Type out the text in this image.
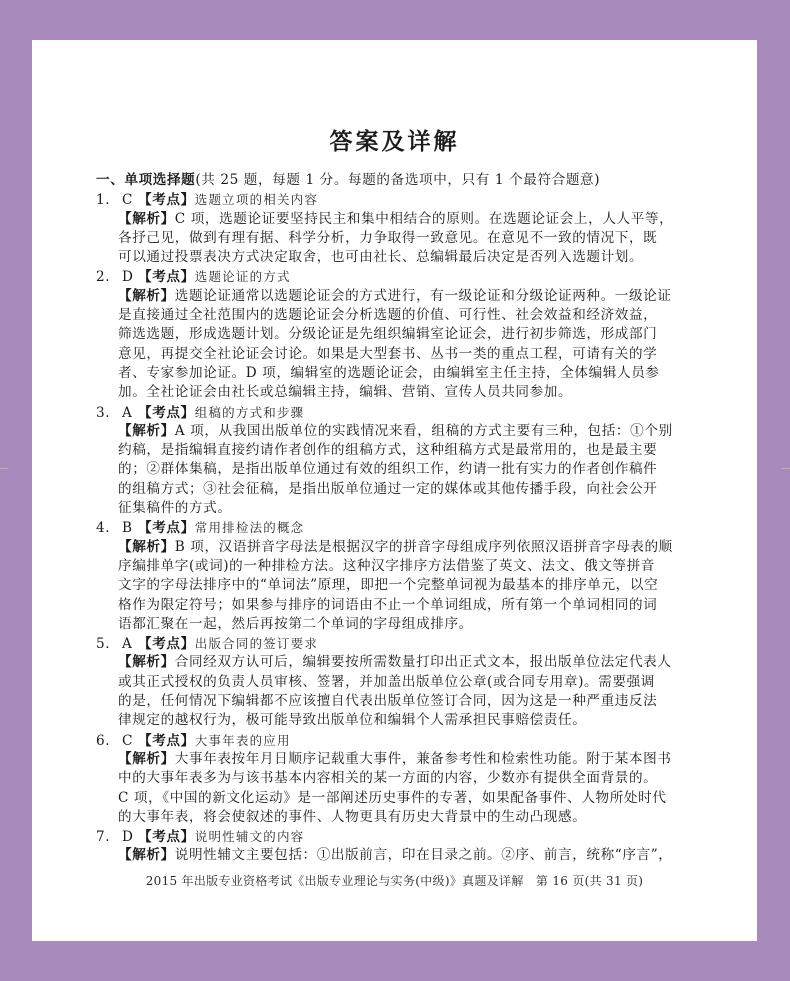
答案及详解
一、单项选择题(共 25 题，每题 1 分。每题的备选项中，只有 1 个最符合题意)
1. C 【考点】选题立项的相关内容
【解析】C 项，选题论证要坚持民主和集中相结合的原则。在选题论证会上，人人平等，
各抒己见，做到有理有据、科学分析，力争取得一致意见。在意见不一致的情况下，既
可以通过投票表决方式决定取舍，也可由社长、总编辑最后决定是否列入选题计划。
2. D 【考点】选题论证的方式
【解析】选题论证通常以选题论证会的方式进行，有一级论证和分级论证两种。一级论证
是直接通过全社范围内的选题论证会分析选题的价值、可行性、社会效益和经济效益，
筛选选题，形成选题计划。分级论证是先组织编辑室论证会，进行初步筛选，形成部门
意见，再提交全社论证会讨论。如果是大型套书、丛书一类的重点工程，可请有关的学
者、专家参加论证。D 项，编辑室的选题论证会，由编辑室主任主持，全体编辑人员参
加。全社论证会由社长或总编辑主持，编辑、营销、宣传人员共同参加。
3. A 【考点】组稿的方式和步骤
【解析】A 项，从我国出版单位的实践情况来看，组稿的方式主要有三种，包括：①个别
约稿，是指编辑直接约请作者创作的组稿方式，这种组稿方式是最常用的，也是最主要
的；②群体集稿，是指出版单位通过有效的组织工作，约请一批有实力的作者创作稿件
的组稿方式；③社会征稿，是指出版单位通过一定的媒体或其他传播手段，向社会公开
征集稿件的方式。
4. B 【考点】常用排检法的概念
【解析】B 项，汉语拼音字母法是根据汉字的拼音字母组成序列依照汉语拼音字母表的顺
序编排单字(或词)的一种排检方法。这种汉字排序方法借鉴了英文、法文、俄文等拼音
文字的字母法排序中的“单词法”原理，即把一个完整单词视为最基本的排序单元，以空
格作为限定符号；如果参与排序的词语由不止一个单词组成，所有第一个单词相同的词
语都汇聚在一起，然后再按第二个单词的字母组成排序。
5. A 【考点】出版合同的签订要求
【解析】合同经双方认可后，编辑要按所需数量打印出正式文本，报出版单位法定代表人
或其正式授权的负责人员审核、签署，并加盖出版单位公章(或合同专用章)。需要强调
的是，任何情况下编辑都不应该擅自代表出版单位签订合同，因为这是一种严重违反法
律规定的越权行为，极可能导致出版单位和编辑个人需承担民事赔偿责任。
6. C 【考点】大事年表的应用
【解析】大事年表按年月日顺序记载重大事件，兼备参考性和检索性功能。附于某本图书
中的大事年表多为与该书基本内容相关的某一方面的内容，少数亦有提供全面背景的。
C 项，《中国的新文化运动》是一部阐述历史事件的专著，如果配备事件、人物所处时代
的大事年表，将会使叙述的事件、人物更具有历史大背景中的生动凸现感。
7. D 【考点】说明性辅文的内容
【解析】说明性辅文主要包括：①出版前言，印在目录之前。②序、前言，统称“序言”，
2015 年出版专业资格考试《出版专业理论与实务(中级)》真题及详解　第 16 页(共 31 页)
